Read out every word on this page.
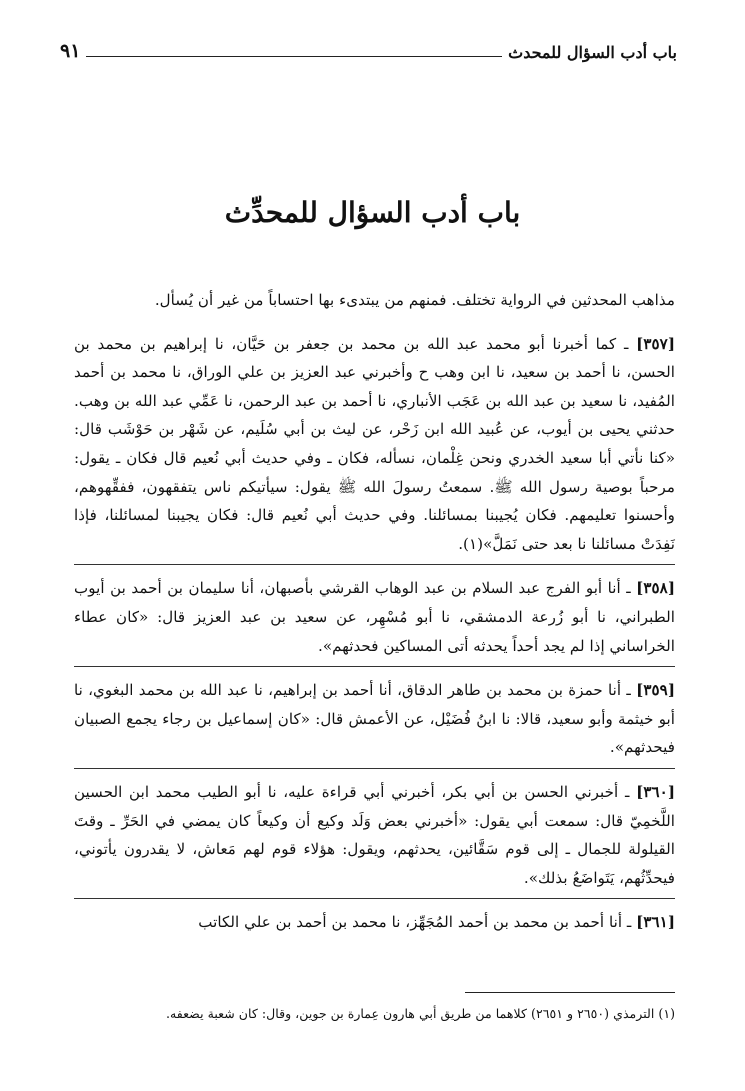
باب أدب السؤال للمحدث
٩١
باب أدب السؤال للمحدِّث

مذاهب المحدثين في الرواية تختلف. فمنهم من يبتدىء بها احتساباً من غير أن يُسأل.

[٣٥٧] ـ كما أخبرنا أبو محمد عبد الله بن محمد بن جعفر بن حَيَّان، نا إبراهيم بن محمد بن الحسن، نا أحمد بن سعيد، نا ابن وهب ح وأخبرني عبد العزيز بن علي الوراق، نا محمد بن أحمد المُفيد، نا سعيد بن عبد الله بن عَجَب الأنباري، نا أحمد بن عبد الرحمن، نا عَمِّي عبد الله بن وهب. حدثني يحيى بن أيوب، عن عُبيد الله ابن زَحْر، عن ليث بن أبي سُلَيم، عن شَهْر بن حَوْشَب قال: «كنا نأتي أبا سعيد الخدري ونحن غِلْمان، نسأله، فكان ـ وفي حديث أبي نُعيم قال فكان ـ يقول: مرحباً بوصية رسول الله ﷺ. سمعتُ رسولَ الله ﷺ يقول: سيأتيكم ناس يتفقهون، ففقِّهوهم، وأحسنوا تعليمهم. فكان يُجيبنا بمسائلنا. وفي حديث أبي نُعيم قال: فكان يجيبنا لمسائلنا، فإذا نَفِدَتْ مسائلنا نا بعد حتى نَمَلَّ»(١).

[٣٥٨] ـ أنا أبو الفرج عبد السلام بن عبد الوهاب القرشي بأصبهان، أنا سليمان بن أحمد بن أيوب الطبراني، نا أبو زُرعة الدمشقي، نا أبو مُسْهِر، عن سعيد بن عبد العزيز قال: «كان عطاء الخراساني إذا لم يجد أحداً يحدثه أتى المساكين فحدثهم».

[٣٥٩] ـ أنا حمزة بن محمد بن طاهر الدقاق، أنا أحمد بن إبراهيم، نا عبد الله بن محمد البغوي، نا أبو خيثمة وأبو سعيد، قالا: نا ابنُ فُضَيْل، عن الأعمش قال: «كان إسماعيل بن رجاء يجمع الصبيان فيحدثهم».

[٣٦٠] ـ أخبرني الحسن بن أبي بكر، أخبرني أبي قراءة عليه، نا أبو الطيب محمد ابن الحسين اللَّخمِيّ قال: سمعت أبي يقول: «أخبرني بعض وَلَد وكيع أن وكيعاً كان يمضي في الحَرِّ ـ وقتَ القيلولة للجمال ـ إلى قوم سَقَّائين، يحدثهم، ويقول: هؤلاء قوم لهم مَعاش، لا يقدرون يأتوني، فيحدِّثُهم، يَتَواضَعُ بذلك».

[٣٦١] ـ أنا أحمد بن محمد بن أحمد المُجَهِّز، نا محمد بن أحمد بن علي الكاتب

(١) الترمذي (٢٦٥٠ و ٢٦٥١) كلاهما من طريق أبي هارون عِمارة بن جوين، وقال: كان شعبة يضعفه.
